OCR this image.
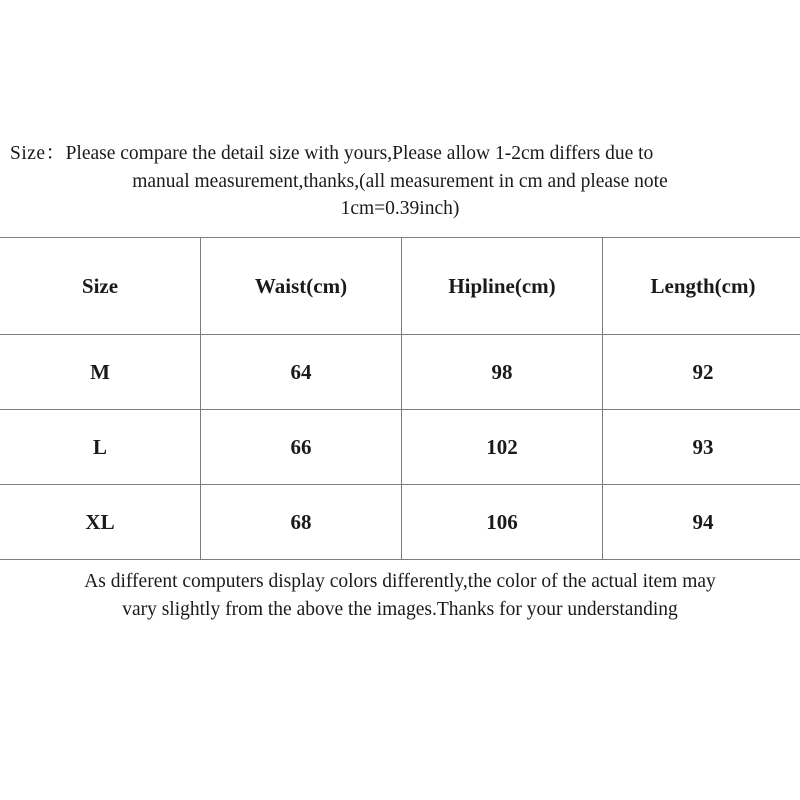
Size：Please compare the detail size with yours,Please allow 1-2cm differs due to
manual measurement,thanks,(all measurement in cm and please note
1cm=0.39inch)
Size	Waist(cm)	Hipline(cm)	Length(cm)
M	64	98	92
L	66	102	93
XL	68	106	94
As different computers display colors differently,the color of the actual item may
vary slightly from the above the images.Thanks for your understanding
